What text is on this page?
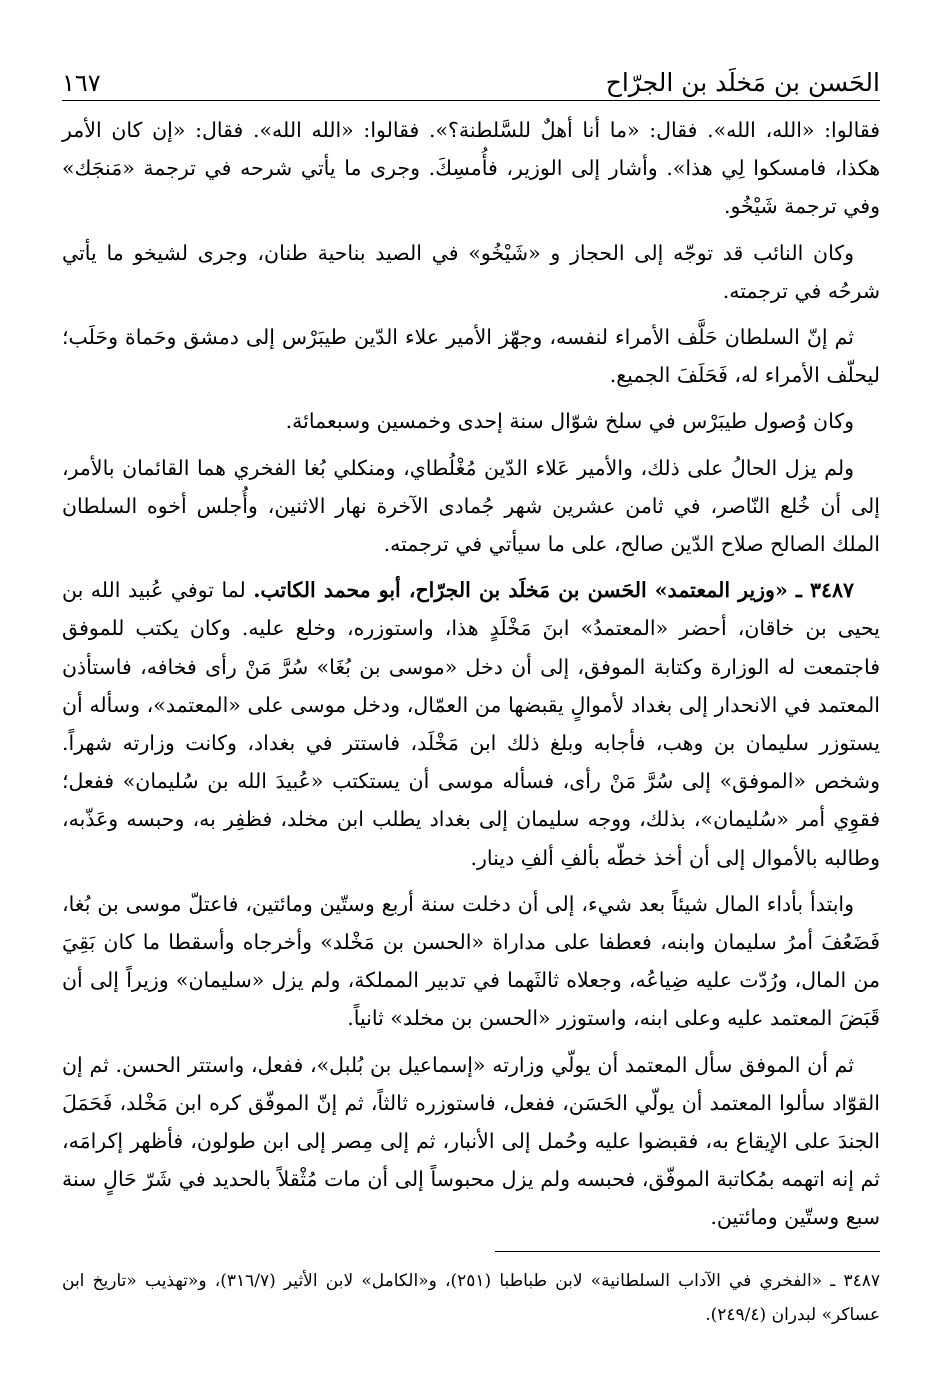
الحَسن بن مَخلَد بن الجرّاح
١٦٧

فقالوا: «الله، الله». فقال: «ما أنا أهلٌ للسَّلطنة؟». فقالوا: «الله الله». فقال: «إن كان الأمر هكذا، فامسكوا لِي هذا». وأشار إلى الوزير، فأُمسِكَ. وجرى ما يأتي شرحه في ترجمة «مَنجَك» وفي ترجمة شَيْخُو.

وكان النائب قد توجّه إلى الحجاز و «شَيْخُو» في الصيد بناحية طنان، وجرى لشيخو ما يأتي شرحُه في ترجمته.

ثم إنّ السلطان حَلَّف الأمراء لنفسه، وجهّز الأمير علاء الدّين طيبَرْس إلى دمشق وحَماة وحَلَب؛ ليحلّف الأمراء له، فَحَلَفَ الجميع.

وكان وُصول طيبَرْس في سلخ شوّال سنة إحدى وخمسين وسبعمائة.

ولم يزل الحالُ على ذلك، والأمير عَلاء الدّين مُغْلُطاي، ومنكلي بُغا الفخري هما القائمان بالأمر، إلى أن خُلع النّاصر، في ثامن عشرين شهر جُمادى الآخرة نهار الاثنين، وأُجلس أخوه السلطان الملك الصالح صلاح الدّين صالح، على ما سيأتي في ترجمته.

٣٤٨٧ ـ «وزير المعتمد» الحَسن بن مَخلَد بن الجرّاح، أبو محمد الكاتب. لما توفي عُبيد الله بن يحيى بن خاقان، أحضر «المعتمدُ» ابنَ مَخْلَدٍ هذا، واستوزره، وخلع عليه. وكان يكتب للموفق فاجتمعت له الوزارة وكتابة الموفق، إلى أن دخل «موسى بن بُغَا» سُرَّ مَنْ رأى فخافه، فاستأذن المعتمد في الانحدار إلى بغداد لأموالٍ يقبضها من العمّال، ودخل موسى على «المعتمد»، وسأله أن يستوزر سليمان بن وهب، فأجابه وبلغ ذلك ابن مَخْلَد، فاستتر في بغداد، وكانت وزارته شهراً. وشخص «الموفق» إلى سُرَّ مَنْ رأى، فسأله موسى أن يستكتب «عُبيدَ الله بن سُليمان» ففعل؛ فقوِي أمر «سُليمان»، بذلك، ووجه سليمان إلى بغداد يطلب ابن مخلد، فظفِر به، وحبسه وعَذّبه، وطالبه بالأموال إلى أن أخذ خطّه بألفِ ألفِ دينار.

وابتدأ بأداء المال شيئاً بعد شيء، إلى أن دخلت سنة أربع وستّين ومائتين، فاعتلّ موسى بن بُغا، فَضَعُفَ أمرُ سليمان وابنه، فعطفا على مداراة «الحسن بن مَخْلد» وأخرجاه وأسقطا ما كان بَقِيَ من المال، ورُدّت عليه ضِياعُه، وجعلاه ثالثَهما في تدبير المملكة، ولم يزل «سليمان» وزيراً إلى أن قَبَضَ المعتمد عليه وعلى ابنه، واستوزر «الحسن بن مخلد» ثانياً.

ثم أن الموفق سأل المعتمد أن يولّي وزارته «إسماعيل بن بُلبل»، ففعل، واستتر الحسن. ثم إن القوّاد سألوا المعتمد أن يولّي الحَسَن، ففعل، فاستوزره ثالثاً، ثم إنّ الموفّق كره ابن مَخْلد، فَحَمَلَ الجندَ على الإيقاع به، فقبضوا عليه وحُمل إلى الأنبار، ثم إلى مِصر إلى ابن طولون، فأظهر إكرامَه، ثم إنه اتهمه بمُكاتبة الموفّق، فحبسه ولم يزل محبوساً إلى أن مات مُثْقلاً بالحديد في شَرّ حَالٍ سنة سبع وستّين ومائتين.

٣٤٨٧ ـ «الفخري في الآداب السلطانية» لابن طباطبا (٢٥١)، و«الكامل» لابن الأثير (٣١٦/٧)، و«تهذيب «تاريخ ابن عساكر» لبدران (٢٤٩/٤).
